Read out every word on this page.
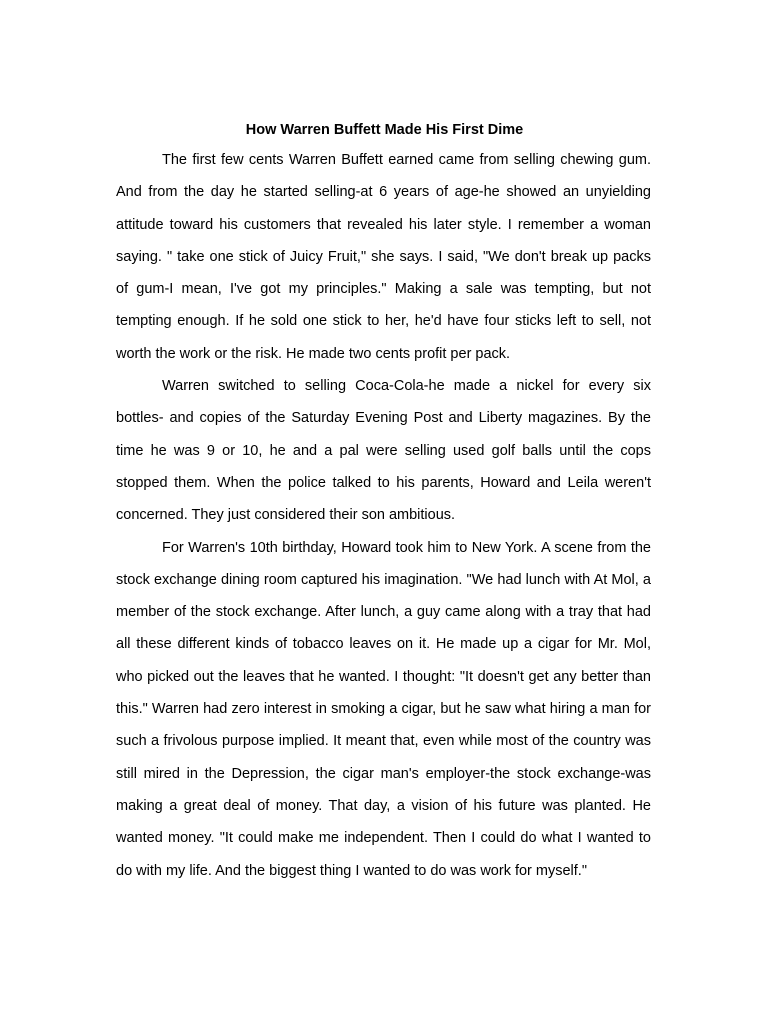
How Warren Buffett Made His First Dime

The first few cents Warren Buffett earned came from selling chewing gum. And from the day he started selling-at 6 years of age-he showed an unyielding attitude toward his customers that revealed his later style. I remember a woman saying. " take one stick of Juicy Fruit," she says. I said, "We don't break up packs of gum-I mean, I've got my principles." Making a sale was tempting, but not tempting enough. If he sold one stick to her, he'd have four sticks left to sell, not worth the work or the risk. He made two cents profit per pack.

Warren switched to selling Coca-Cola-he made a nickel for every six bottles- and copies of the Saturday Evening Post and Liberty magazines. By the time he was 9 or 10, he and a pal were selling used golf balls until the cops stopped them. When the police talked to his parents, Howard and Leila weren't concerned. They just considered their son ambitious.

For Warren's 10th birthday, Howard took him to New York. A scene from the stock exchange dining room captured his imagination. "We had lunch with At Mol, a member of the stock exchange. After lunch, a guy came along with a tray that had all these different kinds of tobacco leaves on it. He made up a cigar for Mr. Mol, who picked out the leaves that he wanted. I thought: "It doesn't get any better than this." Warren had zero interest in smoking a cigar, but he saw what hiring a man for such a frivolous purpose implied. It meant that, even while most of the country was still mired in the Depression, the cigar man's employer-the stock exchange-was making a great deal of money. That day, a vision of his future was planted. He wanted money. "It could make me independent. Then I could do what I wanted to do with my life. And the biggest thing I wanted to do was work for myself."
